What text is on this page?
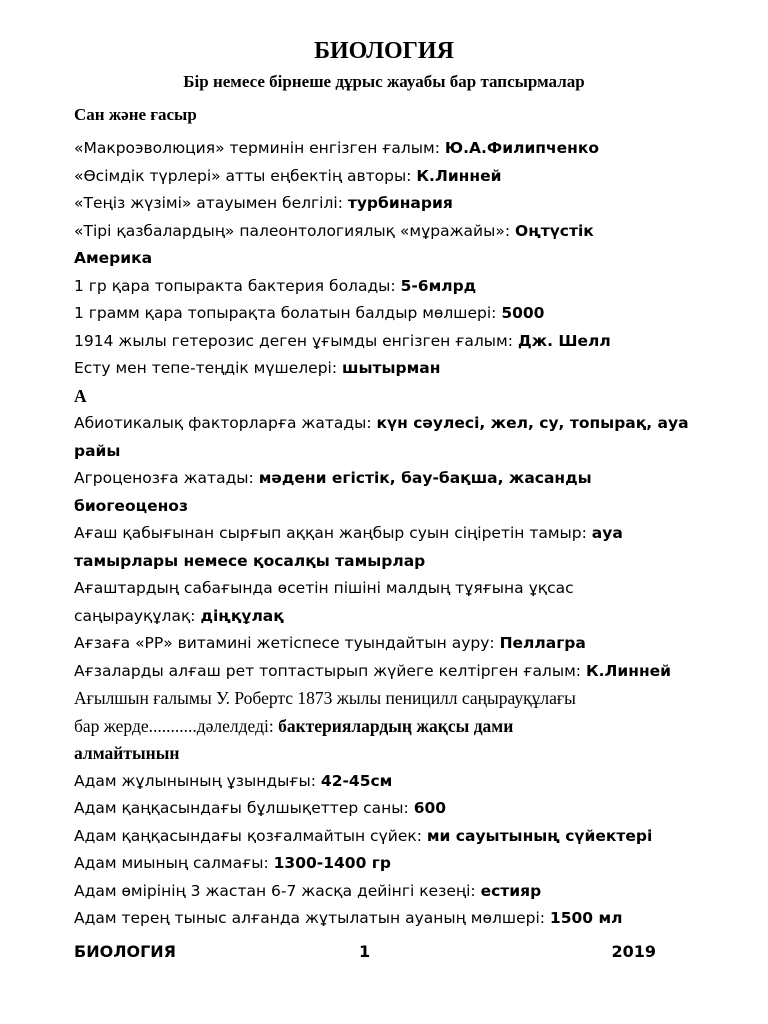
БИОЛОГИЯ
Бір немесе бірнеше дұрыс жауабы бар тапсырмалар
Сан және ғасыр
«Макроэволюция» терминін енгізген ғалым: Ю.А.Филипченко
«Өсімдік түрлері» атты еңбектің авторы: К.Линней
«Теңіз жүзімі» атауымен белгілі: турбинария
«Тірі қазбалардың» палеонтологиялық «мұражайы»: Оңтүстік
Америка
1 гр қара топыракта бактерия болады: 5-6млрд
1 грамм қара топырақта болатын балдыр мөлшері: 5000
1914 жылы гетерозис деген ұғымды енгізген ғалым: Дж. Шелл
Есту мен тепе-теңдік мүшелері: шытырман
А
Абиотикалық факторларға жатады: күн сәулесі, жел, су, топырақ, ауа
райы
Агроценозға жатады: мәдени егістік, бау-бақша, жасанды
биогеоценоз
Ағаш қабығынан сырғып аққан жаңбыр суын сіңіретін тамыр: ауа
тамырлары немесе қосалқы тамырлар
Ағаштардың сабағында өсетін пішіні малдың тұяғына ұқсас
саңырауқұлақ: діңқұлақ
Ағзаға «PP» витамині жетіспесе туындайтын ауру: Пеллагра
Ағзаларды алғаш рет топтастырып жүйеге келтірген ғалым: К.Линней
Ағылшын ғалымы У. Робертс 1873 жылы пеницилл саңырауқұлағы
бар жерде...........дәлелдеді: бактериялардың жақсы дами
алмайтынын
Адам жұлынының ұзындығы: 42-45см
Адам қаңқасындағы бұлшықеттер саны: 600
Адам қаңқасындағы қозғалмайтын сүйек: ми сауытының сүйектері
Адам миының салмағы: 1300-1400 гр
Адам өмірінің 3 жастан 6-7 жасқа дейінгі кезеңі: естияр
Адам терең тыныс алғанда жұтылатын ауаның мөлшері: 1500 мл
БИОЛОГИЯ	1	2019
